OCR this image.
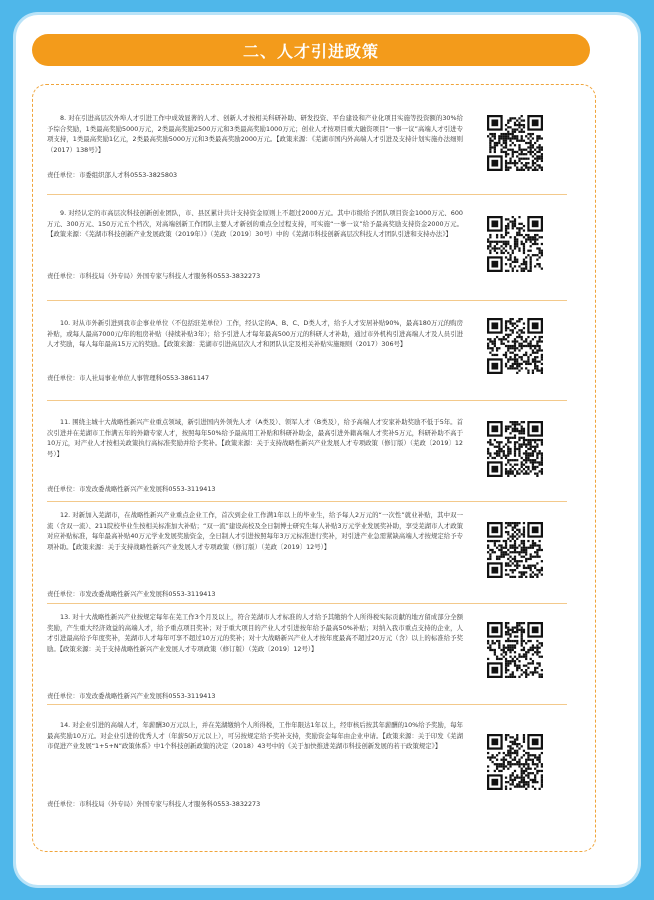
二、人才引进政策
8. 对在引进高层次外埠人才引进工作中成效显著的人才、创新人才按相关科研补助、研发投资、平台建设和产业化项目实施等投资额的30%给予综合奖励，1类最高奖励5000万元，2类最高奖励2500万元和3类最高奖励1000万元；创业人才按项目重大融资项目“一事一议”高端人才引进专项支持，1类最高奖励1亿元，2类最高奖励5000万元和3类最高奖励2000万元。【政策来源：《芜湖市国内外高端人才引进及支持计划实施办法细则（2017）138号》】
责任单位：市委组织部人才科0553-3825803
9. 对经认定的市高层次科技创新创业团队，市、县区累计共计支持资金原则上不超过2000万元。其中市级给予团队项目资金1000万元、600万元、300万元、150万元五个档次，对高端创新工作团队主要人才新创的重点全过程支持，可实施“一事一议”给予最高奖励支持资金2000万元。【政策来源：《芜湖市科技创新产业发展政策（2019年）》（芜政〔2019〕30号）中的《芜湖市科技创新高层次科技人才团队引进和支持办法》】
责任单位：市科技局（外专局）外国专家与科技人才服务科0553-3832273
10. 对从市外新引进到我市企事业单位（不包括驻芜单位）工作，经认定的A、B、C、D类人才，给予人才安居补贴90%，最高180万元的购房补贴，或每人最高7000元/年的租房补贴（持续补贴3年）；给予引进人才每年最高500万元的科研人才补助，通过市外机构引进高端人才及人员引进人才奖励，每人每年最高15万元的奖励。【政策来源：芜湖市引进高层次人才和团队认定及相关补贴实施细则（2017）306号】
责任单位：市人社局事业单位人事管理科0553-3861147
11. 围绕主城十大战略性新兴产业重点领域，新引进国内外领先人才（A类及）、领军人才（B类及），给予高端人才安家补助奖励不低于5年。首次引进并在芜湖市工作满五年的外籍专家人才，按照每年50%给予最高用工补贴和科研补助金，最高引进外籍高端人才奖补5万元，科研补助不高于10万元，对产业人才按相关政策执行高标准奖励并给予奖补。【政策来源：关于支持战略性新兴产业发展人才专项政策（修订版）（芜政〔2019〕12号）】
责任单位：市发改委战略性新兴产业发展科0553-3119413
12. 对新加入芜湖市，在战略性新兴产业重点企业工作，首次到企业工作满1年以上的毕业生，给予每人2万元的“一次性”就业补贴，其中双一流（含双一流）、211院校毕业生按相关标准加大补贴；“双一流”建设高校及全日制博士研究生每人补贴3万元学业发展奖补助，享受芜湖市人才政策对应补贴标准，每年最高补贴40万元学业发展奖励资金，全日制人才引进按照每年3万元标准进行奖补，对引进产业急需紧缺高端人才按规定给予专项补助。【政策来源：关于支持战略性新兴产业发展人才专项政策（修订版）（芜政〔2019〕12号）】
责任单位：市发改委战略性新兴产业发展科0553-3119413
13. 对十大战略性新兴产业按规定每年在芜工作3个月及以上，符合芜湖市人才标准的人才给予其缴纳个人所得税实际贡献的地方留成部分全额奖励，产生重大经济效益的高端人才，给予重点项目奖补；对于重大项目的产业人才引进按年给予最高50%补贴；对纳入我市重点支持的企业，人才引进最高给予年度奖补，芜湖市人才每年可享不超过10万元的奖补；对十大战略新兴产业人才按年度最高不超过20万元（含）以上的标准给予奖励。【政策来源：关于支持战略性新兴产业发展人才专项政策（修订版）（芜政〔2019〕12号）】
责任单位：市发改委战略性新兴产业发展科0553-3119413
14. 对企业引进的高端人才，年薪酬30万元以上，并在芜湖缴纳个人所得税，工作年限达1年以上，经审核后按其年薪酬的10%给予奖励，每年最高奖励10万元。对企业引进的优秀人才（年薪50万元以上），可另按规定给予奖补支持，奖励资金每年由企业申请。【政策来源：关于印发《芜湖市促进产业发展“1+5+N”政策体系》中1个科技创新政策的决定（2018）43号中的《关于加快推进芜湖市科技创新发展的若干政策规定》】
责任单位：市科技局（外专局）外国专家与科技人才服务科0553-3832273
